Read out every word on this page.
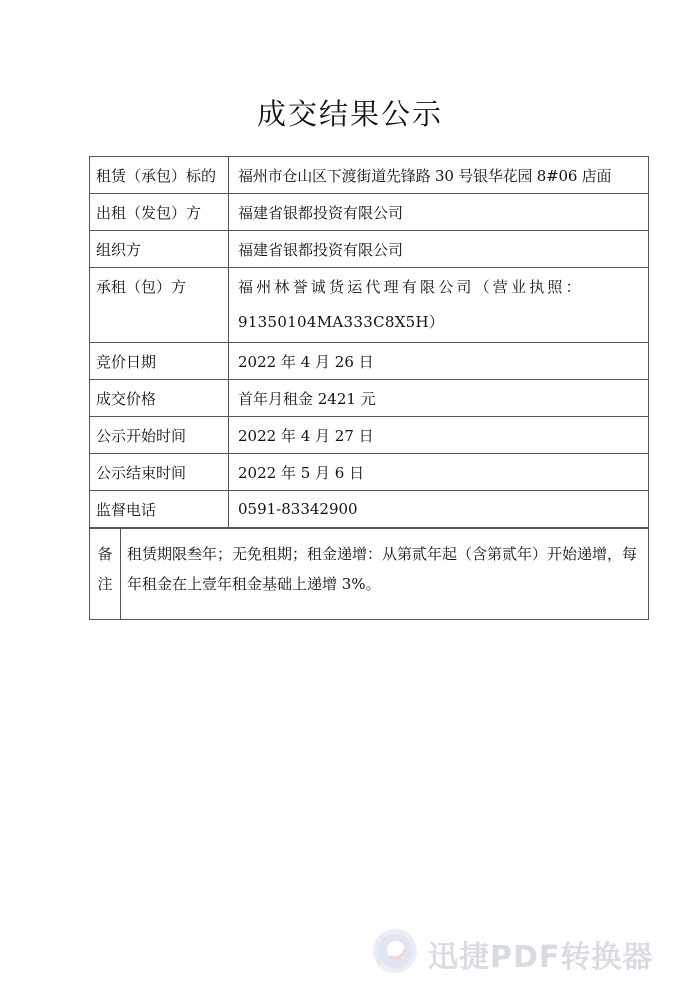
成交结果公示
租赁（承包）标的	福州市仓山区下渡街道先锋路 30 号银华花园 8#06 店面
出租（发包）方	福建省银都投资有限公司
组织方	福建省银都投资有限公司
承租（包）方	福州林誉诚货运代理有限公司（营业执照：
91350104MA333C8X5H）

竞价日期	2022 年 4 月 26 日
成交价格	首年月租金 2421 元
公示开始时间	2022 年 4 月 27 日
公示结束时间	2022 年 5 月 6 日
监督电话	0591-83342900
备
注
	租赁期限叁年；无免租期；租金递增：从第贰年起（含第贰年）开始递增，每年租金在上壹年租金基础上递增 3%。
迅捷PDF转换器
